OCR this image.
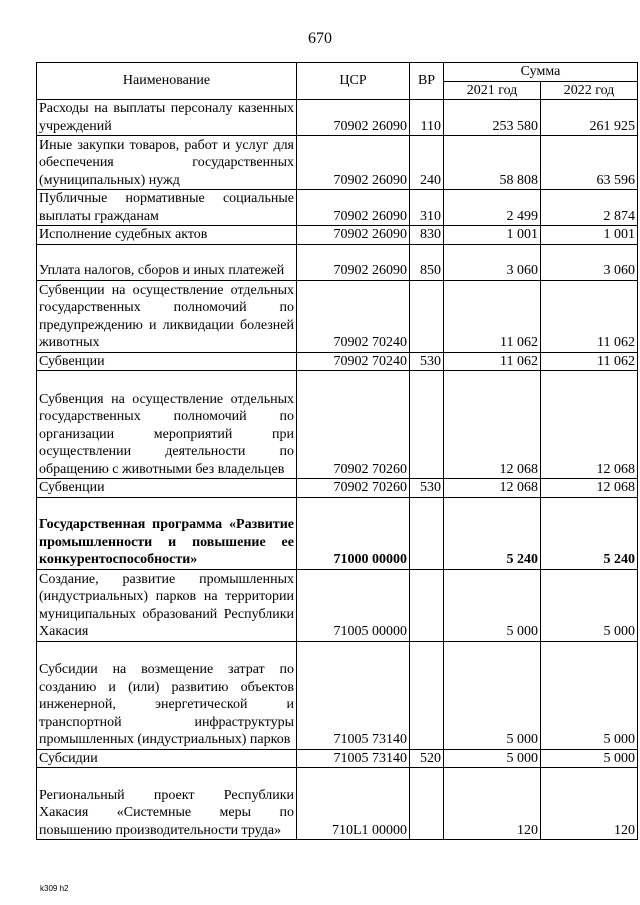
670
Наименование	ЦСР	ВР	Сумма	
			2021 год	2022 год
Расходы на выплаты персоналу казенных учреждений	70902 26090	110	253 580	261 925
Иные закупки товаров, работ и услуг для обеспечения государственных (муниципальных) нужд	70902 26090	240	58 808	63 596
Публичные нормативные социальные выплаты гражданам	70902 26090	310	2 499	2 874
Исполнение судебных актов	70902 26090	830	1 001	1 001
Уплата налогов, сборов и иных платежей	70902 26090	850	3 060	3 060
Субвенции на осуществление отдельных государственных полномочий по предупреждению и ликвидации болезней животных	70902 70240		11 062	11 062
Субвенции	70902 70240	530	11 062	11 062
Субвенция на осуществление отдельных государственных полномочий по организации мероприятий при осуществлении деятельности по обращению с животными без владельцев	70902 70260		12 068	12 068
Субвенции	70902 70260	530	12 068	12 068
Государственная программа «Развитие промышленности и повышение ее конкурентоспособности»	71000 00000		5 240	5 240
Создание, развитие промышленных (индустриальных) парков на территории муниципальных образований Республики Хакасия	71005 00000		5 000	5 000
Субсидии на возмещение затрат по созданию и (или) развитию объектов инженерной, энергетической и транспортной инфраструктуры промышленных (индустриальных) парков	71005 73140		5 000	5 000
Субсидии	71005 73140	520	5 000	5 000
Региональный проект Республики Хакасия «Системные меры по повышению производительности труда»	710L1 00000		120	120
k309 h2
